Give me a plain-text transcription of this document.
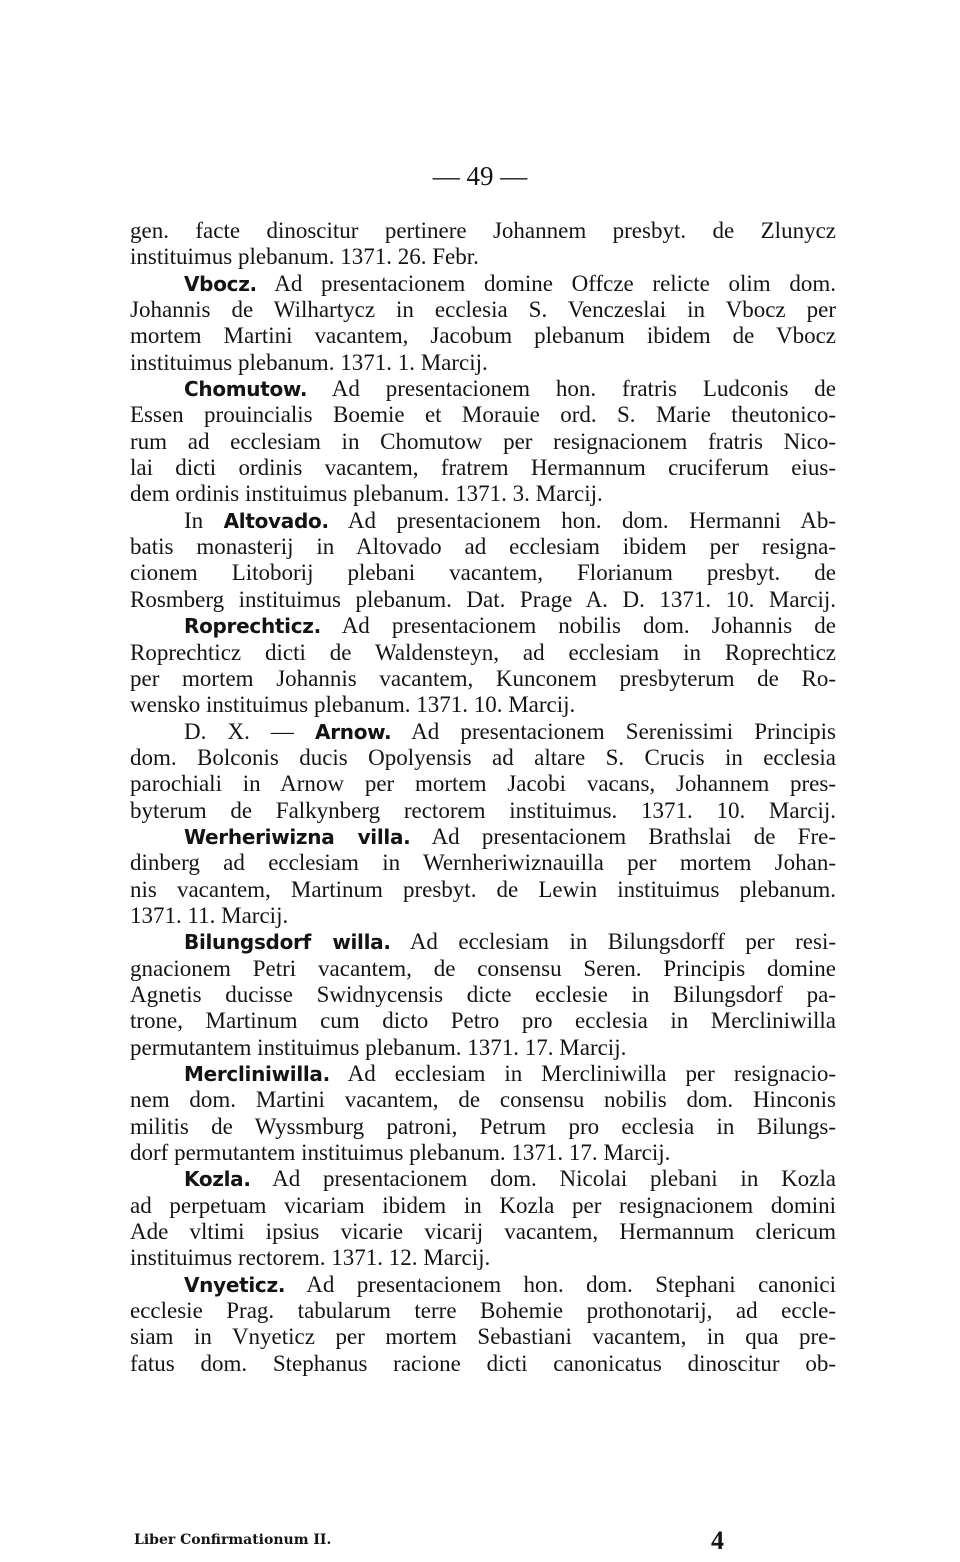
— 49 —
gen. facte dinoscitur pertinere Johannem presbyt. de Zlunycz
instituimus plebanum. 1371. 26. Febr.
Vbocz. Ad presentacionem domine Offcze relicte olim dom.
Johannis de Wilhartycz in ecclesia S. Venczeslai in Vbocz per
mortem Martini vacantem, Jacobum plebanum ibidem de Vbocz
instituimus plebanum. 1371. 1. Marcij.
Chomutow. Ad presentacionem hon. fratris Ludconis de
Essen prouincialis Boemie et Morauie ord. S. Marie theutonico-
rum ad ecclesiam in Chomutow per resignacionem fratris Nico-
lai dicti ordinis vacantem, fratrem Hermannum cruciferum eius-
dem ordinis instituimus plebanum. 1371. 3. Marcij.
In Altovado. Ad presentacionem hon. dom. Hermanni Ab-
batis monasterij in Altovado ad ecclesiam ibidem per resigna-
cionem Litoborij plebani vacantem, Florianum presbyt. de
Rosmberg instituimus plebanum. Dat. Prage A. D. 1371. 10. Marcij.
Roprechticz. Ad presentacionem nobilis dom. Johannis de
Roprechticz dicti de Waldensteyn, ad ecclesiam in Roprechticz
per mortem Johannis vacantem, Kunconem presbyterum de Ro-
wensko instituimus plebanum. 1371. 10. Marcij.
D. X. — Arnow. Ad presentacionem Serenissimi Principis
dom. Bolconis ducis Opolyensis ad altare S. Crucis in ecclesia
parochiali in Arnow per mortem Jacobi vacans, Johannem pres-
byterum de Falkynberg rectorem instituimus. 1371. 10. Marcij.
Werheriwizna villa. Ad presentacionem Brathslai de Fre-
dinberg ad ecclesiam in Wernheriwiznauilla per mortem Johan-
nis vacantem, Martinum presbyt. de Lewin instituimus plebanum.
1371. 11. Marcij.
Bilungsdorf willa. Ad ecclesiam in Bilungsdorff per resi-
gnacionem Petri vacantem, de consensu Seren. Principis domine
Agnetis ducisse Swidnycensis dicte ecclesie in Bilungsdorf pa-
trone, Martinum cum dicto Petro pro ecclesia in Mercliniwilla
permutantem instituimus plebanum. 1371. 17. Marcij.
Mercliniwilla. Ad ecclesiam in Mercliniwilla per resignacio-
nem dom. Martini vacantem, de consensu nobilis dom. Hinconis
militis de Wyssmburg patroni, Petrum pro ecclesia in Bilungs-
dorf permutantem instituimus plebanum. 1371. 17. Marcij.
Kozla. Ad presentacionem dom. Nicolai plebani in Kozla
ad perpetuam vicariam ibidem in Kozla per resignacionem domini
Ade vltimi ipsius vicarie vicarij vacantem, Hermannum clericum
instituimus rectorem. 1371. 12. Marcij.
Vnyeticz. Ad presentacionem hon. dom. Stephani canonici
ecclesie Prag. tabularum terre Bohemie prothonotarij, ad eccle-
siam in Vnyeticz per mortem Sebastiani vacantem, in qua pre-
fatus dom. Stephanus racione dicti canonicatus dinoscitur ob-
Liber Confirmationum II.	4
